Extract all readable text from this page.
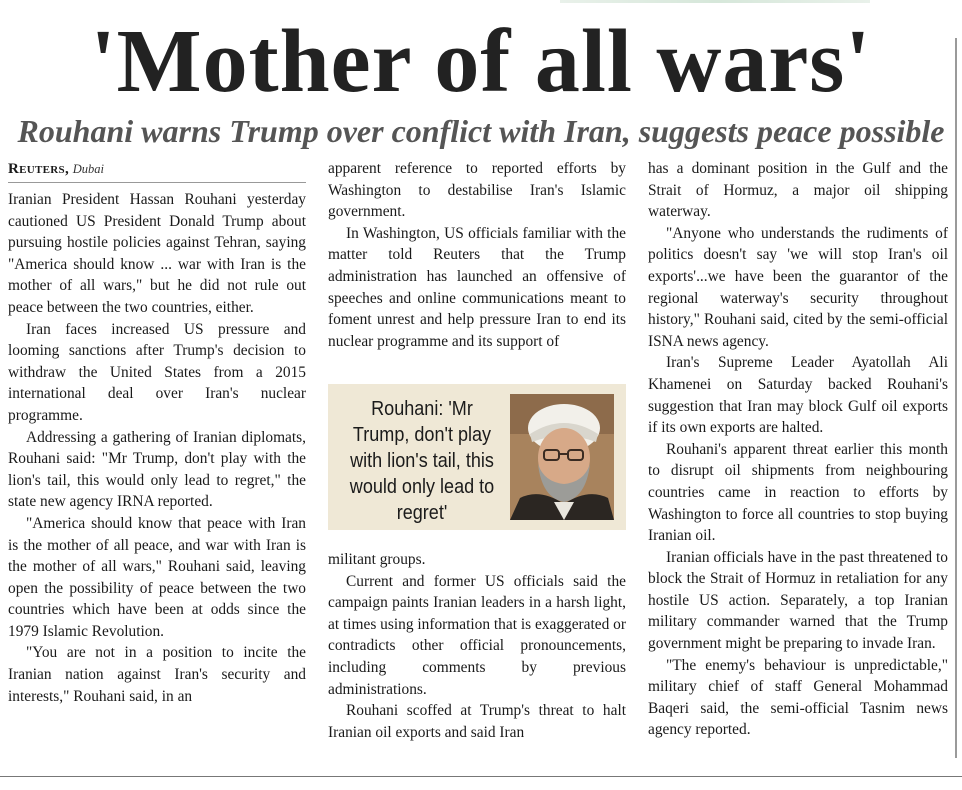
'Mother of all wars'
Rouhani warns Trump over conflict with Iran, suggests peace possible
Reuters, Dubai

Iranian President Hassan Rouhani yesterday cautioned US President Donald Trump about pursuing hostile policies against Tehran, saying "America should know ... war with Iran is the mother of all wars," but he did not rule out peace between the two countries, either.

Iran faces increased US pressure and looming sanctions after Trump's decision to withdraw the United States from a 2015 international deal over Iran's nuclear programme.

Addressing a gathering of Iranian diplomats, Rouhani said: "Mr Trump, don't play with the lion's tail, this would only lead to regret," the state new agency IRNA reported.

"America should know that peace with Iran is the mother of all peace, and war with Iran is the mother of all wars," Rouhani said, leaving open the possibility of peace between the two countries which have been at odds since the 1979 Islamic Revolution.

"You are not in a position to incite the Iranian nation against Iran's security and interests," Rouhani said, in an

apparent reference to reported efforts by Washington to destabilise Iran's Islamic government.

In Washington, US officials familiar with the matter told Reuters that the Trump administration has launched an offensive of speeches and online communications meant to foment unrest and help pressure Iran to end its nuclear programme and its support of

Rouhani: 'Mr Trump, don't play with lion's tail, this would only lead to regret'

militant groups.

Current and former US officials said the campaign paints Iranian leaders in a harsh light, at times using information that is exaggerated or contradicts other official pronouncements, including comments by previous administrations.

Rouhani scoffed at Trump's threat to halt Iranian oil exports and said Iran

has a dominant position in the Gulf and the Strait of Hormuz, a major oil shipping waterway.

"Anyone who understands the rudiments of politics doesn't say 'we will stop Iran's oil exports'...we have been the guarantor of the regional waterway's security throughout history," Rouhani said, cited by the semi-official ISNA news agency.

Iran's Supreme Leader Ayatollah Ali Khamenei on Saturday backed Rouhani's suggestion that Iran may block Gulf oil exports if its own exports are halted.

Rouhani's apparent threat earlier this month to disrupt oil shipments from neighbouring countries came in reaction to efforts by Washington to force all countries to stop buying Iranian oil.

Iranian officials have in the past threatened to block the Strait of Hormuz in retaliation for any hostile US action. Separately, a top Iranian military commander warned that the Trump government might be preparing to invade Iran.

"The enemy's behaviour is unpredictable," military chief of staff General Mohammad Baqeri said, the semi-official Tasnim news agency reported.
